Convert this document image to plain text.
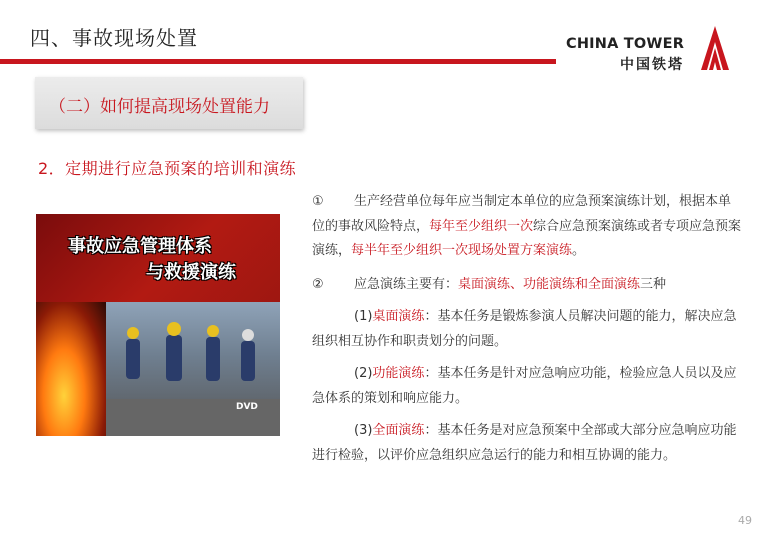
四、事故现场处置	CHINA TOWER
中国铁塔
（二）如何提高现场处置能力
2．定期进行应急预案的培训和演练
事故应急管理体系
与救援演练
DVD

① 生产经营单位每年应当制定本单位的应急预案演练计划，根据本单位的事故风险特点，每年至少组织一次综合应急预案演练或者专项应急预案演练，每半年至少组织一次现场处置方案演练。

② 应急演练主要有：桌面演练、功能演练和全面演练三种

(1)桌面演练：基本任务是锻炼参演人员解决问题的能力，解决应急组织相互协作和职责划分的问题。

(2)功能演练：基本任务是针对应急响应功能，检验应急人员以及应急体系的策划和响应能力。

(3)全面演练：基本任务是对应急预案中全部或大部分应急响应功能进行检验，以评价应急组织应急运行的能力和相互协调的能力。

49
